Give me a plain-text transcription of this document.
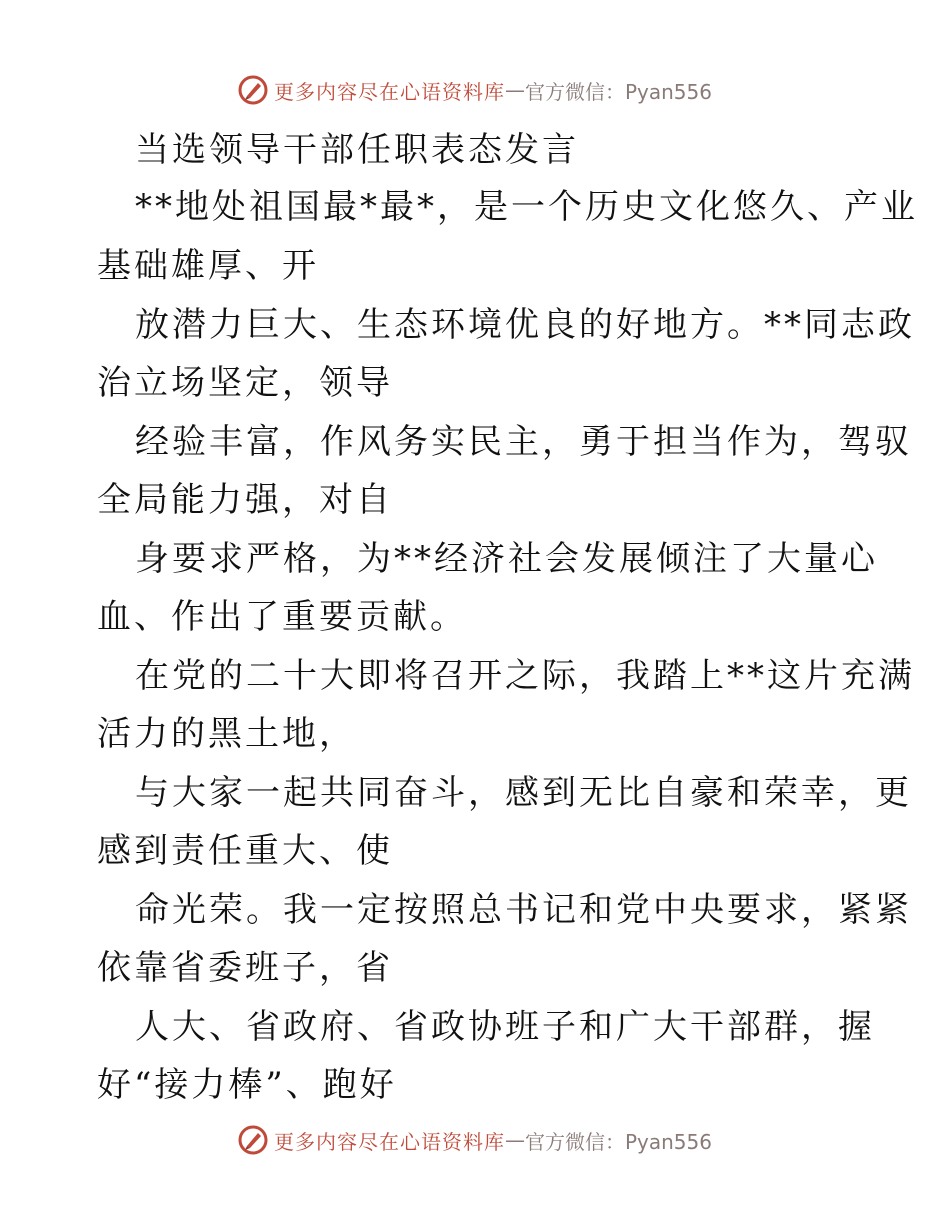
更多内容尽在心语资料库 — 官方微信：Pyan556
当选领导干部任职表态发言
**地处祖国最*最*，是一个历史文化悠久、产业
基础雄厚、开
放潜力巨大、生态环境优良的好地方。**同志政
治立场坚定，领导
经验丰富，作风务实民主，勇于担当作为，驾驭
全局能力强，对自
身要求严格，为**经济社会发展倾注了大量心
血、作出了重要贡献。
在党的二十大即将召开之际，我踏上**这片充满
活力的黑土地，
与大家一起共同奋斗，感到无比自豪和荣幸，更
感到责任重大、使
命光荣。我一定按照总书记和党中央要求，紧紧
依靠省委班子，省
人大、省政府、省政协班子和广大干部群，握
好“接力棒”、跑好
更多内容尽在心语资料库 — 官方微信：Pyan556
